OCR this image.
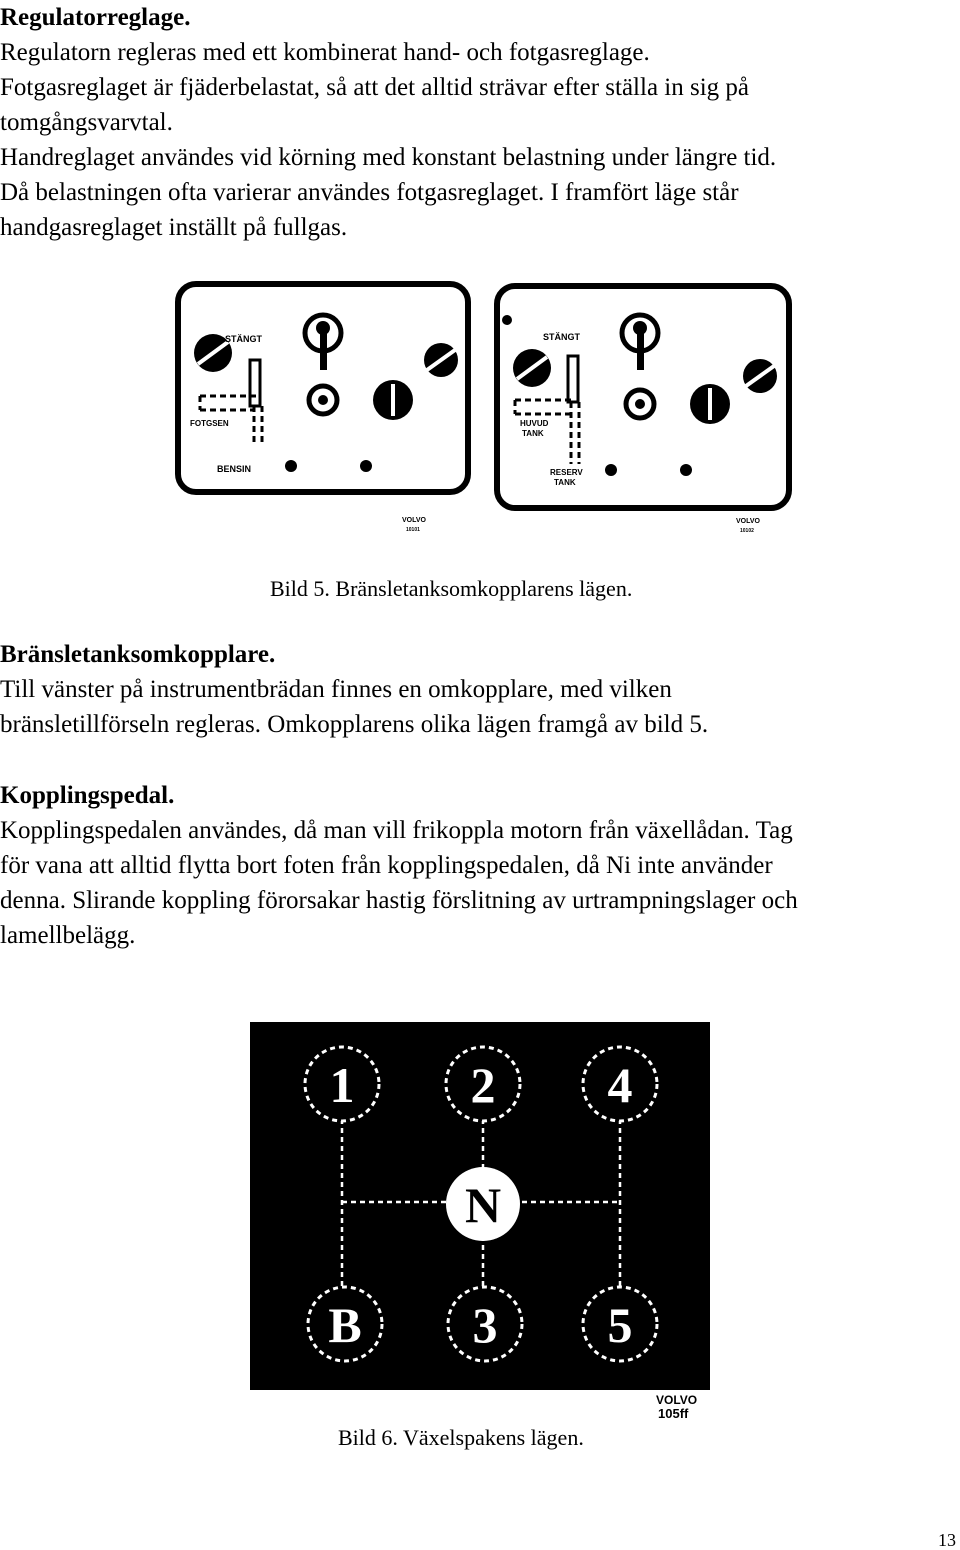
Regulatorreglage.
Regulatorn regleras med ett kombinerat hand- och fotgasreglage.
Fotgasreglaget är fjäderbelastat, så att det alltid strävar efter ställa in sig på
tomgångsvarvtal.
Handreglaget användes vid körning med konstant belastning under längre tid.
Då belastningen ofta varierar användes fotgasreglaget. I framfört läge står
handgasreglaget inställt på fullgas.
STÄNGT
FOTGSEN
BENSIN
VOLVO
10101
STÄNGT
HUVUD
TANK
RESERV
TANK
VOLVO
10102
Bild 5. Bränsletanksomkopplarens lägen.
Bränsletanksomkopplare.
Till vänster på instrumentbrädan finnes en omkopplare, med vilken
bränsletillförseln regleras. Omkopplarens olika lägen framgå av bild 5.
Kopplingspedal.
Kopplingspedalen användes, då man vill frikoppla motorn från växellådan. Tag
för vana att alltid flytta bort foten från kopplingspedalen, då Ni inte använder
denna. Slirande koppling förorsakar hastig förslitning av urtrampningslager och
lamellbelägg.
1 2 4
N
B 3 5
VOLVO
105ff
Bild 6. Växelspakens lägen.
13
